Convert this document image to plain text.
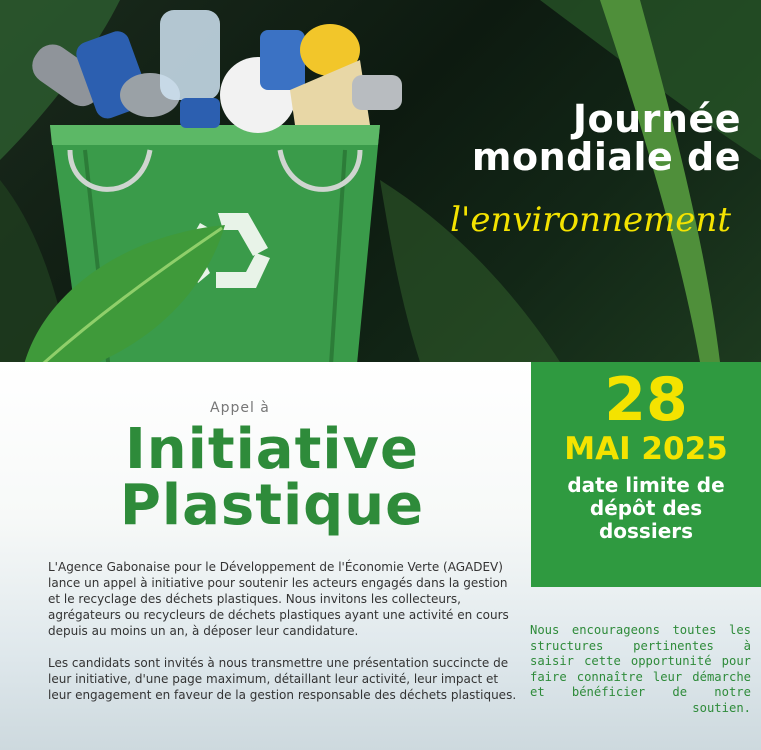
Journée
mondiale de
l'environnement
Appel à
Initiative
Plastique

L'Agence Gabonaise pour le Développement de l'Économie Verte (AGADEV) lance un appel à initiative pour soutenir les acteurs engagés dans la gestion et le recyclage des déchets plastiques. Nous invitons les collecteurs, agrégateurs ou recycleurs de déchets plastiques ayant une activité en cours depuis au moins un an, à déposer leur candidature.

Les candidats sont invités à nous transmettre une présentation succincte de leur initiative, d'une page maximum, détaillant leur activité, leur impact et leur engagement en faveur de la gestion responsable des déchets plastiques.

28
MAI 2025
date limite de dépôt des dossiers
Nous encourageons toutes les structures pertinentes à saisir cette opportunité pour faire connaître leur démarche et bénéficier de notre soutien.
